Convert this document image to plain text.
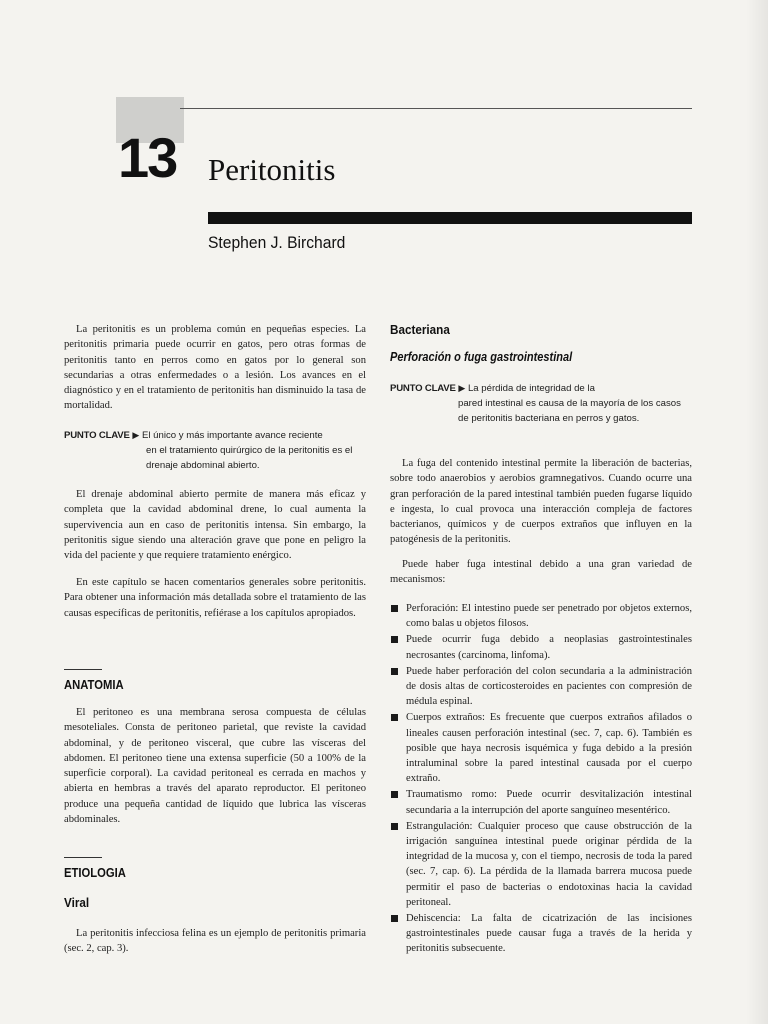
13 Peritonitis
Stephen J. Birchard
La peritonitis es un problema común en pequeñas especies. La peritonitis primaria puede ocurrir en gatos, pero otras formas de peritonitis tanto en perros como en gatos por lo general son secundarias a otras enfermedades o a lesión. Los avances en el diagnóstico y en el tratamiento de peritonitis han disminuido la tasa de mortalidad.
PUNTO CLAVE ▶ El único y más importante avance reciente
en el tratamiento quirúrgico de la peritonitis es el drenaje abdominal abierto.
El drenaje abdominal abierto permite de manera más eficaz y completa que la cavidad abdominal drene, lo cual aumenta la supervivencia aun en caso de peritonitis intensa. Sin embargo, la peritonitis sigue siendo una alteración grave que pone en peligro la vida del paciente y que requiere tratamiento enérgico.
En este capítulo se hacen comentarios generales sobre peritonitis. Para obtener una información más detallada sobre el tratamiento de las causas específicas de peritonitis, refiérase a los capítulos apropiados.
ANATOMIA
El peritoneo es una membrana serosa compuesta de células mesoteliales. Consta de peritoneo parietal, que reviste la cavidad abdominal, y de peritoneo visceral, que cubre las vísceras del abdomen. El peritoneo tiene una extensa superficie (50 a 100% de la superficie corporal). La cavidad peritoneal es cerrada en machos y abierta en hembras a través del aparato reproductor. El peritoneo produce una pequeña cantidad de líquido que lubrica las vísceras abdominales.
ETIOLOGIA
Viral
La peritonitis infecciosa felina es un ejemplo de peritonitis primaria (sec. 2, cap. 3).
Bacteriana
Perforación o fuga gastrointestinal
PUNTO CLAVE ▶ La pérdida de integridad de la
pared intestinal es causa de la mayoría de los casos de peritonitis bacteriana en perros y gatos.
La fuga del contenido intestinal permite la liberación de bacterias, sobre todo anaerobios y aerobios gramnegativos. Cuando ocurre una gran perforación de la pared intestinal también pueden fugarse líquido e ingesta, lo cual provoca una interacción compleja de factores bacterianos, químicos y de cuerpos extraños que influyen en la patogénesis de la peritonitis.
Puede haber fuga intestinal debido a una gran variedad de mecanismos:
Perforación: El intestino puede ser penetrado por objetos externos, como balas u objetos filosos.
Puede ocurrir fuga debido a neoplasias gastrointestinales necrosantes (carcinoma, linfoma).
Puede haber perforación del colon secundaria a la administración de dosis altas de corticosteroides en pacientes con compresión de médula espinal.
Cuerpos extraños: Es frecuente que cuerpos extraños afilados o lineales causen perforación intestinal (sec. 7, cap. 6). También es posible que haya necrosis isquémica y fuga debido a la presión intraluminal sobre la pared intestinal causada por el cuerpo extraño.
Traumatismo romo: Puede ocurrir desvitalización intestinal secundaria a la interrupción del aporte sanguíneo mesentérico.
Estrangulación: Cualquier proceso que cause obstrucción de la irrigación sanguínea intestinal puede originar pérdida de la integridad de la mucosa y, con el tiempo, necrosis de toda la pared (sec. 7, cap. 6). La pérdida de la llamada barrera mucosa puede permitir el paso de bacterias o endotoxinas hacia la cavidad peritoneal.
Dehiscencia: La falta de cicatrización de las incisiones gastrointestinales puede causar fuga a través de la herida y peritonitis subsecuente.
